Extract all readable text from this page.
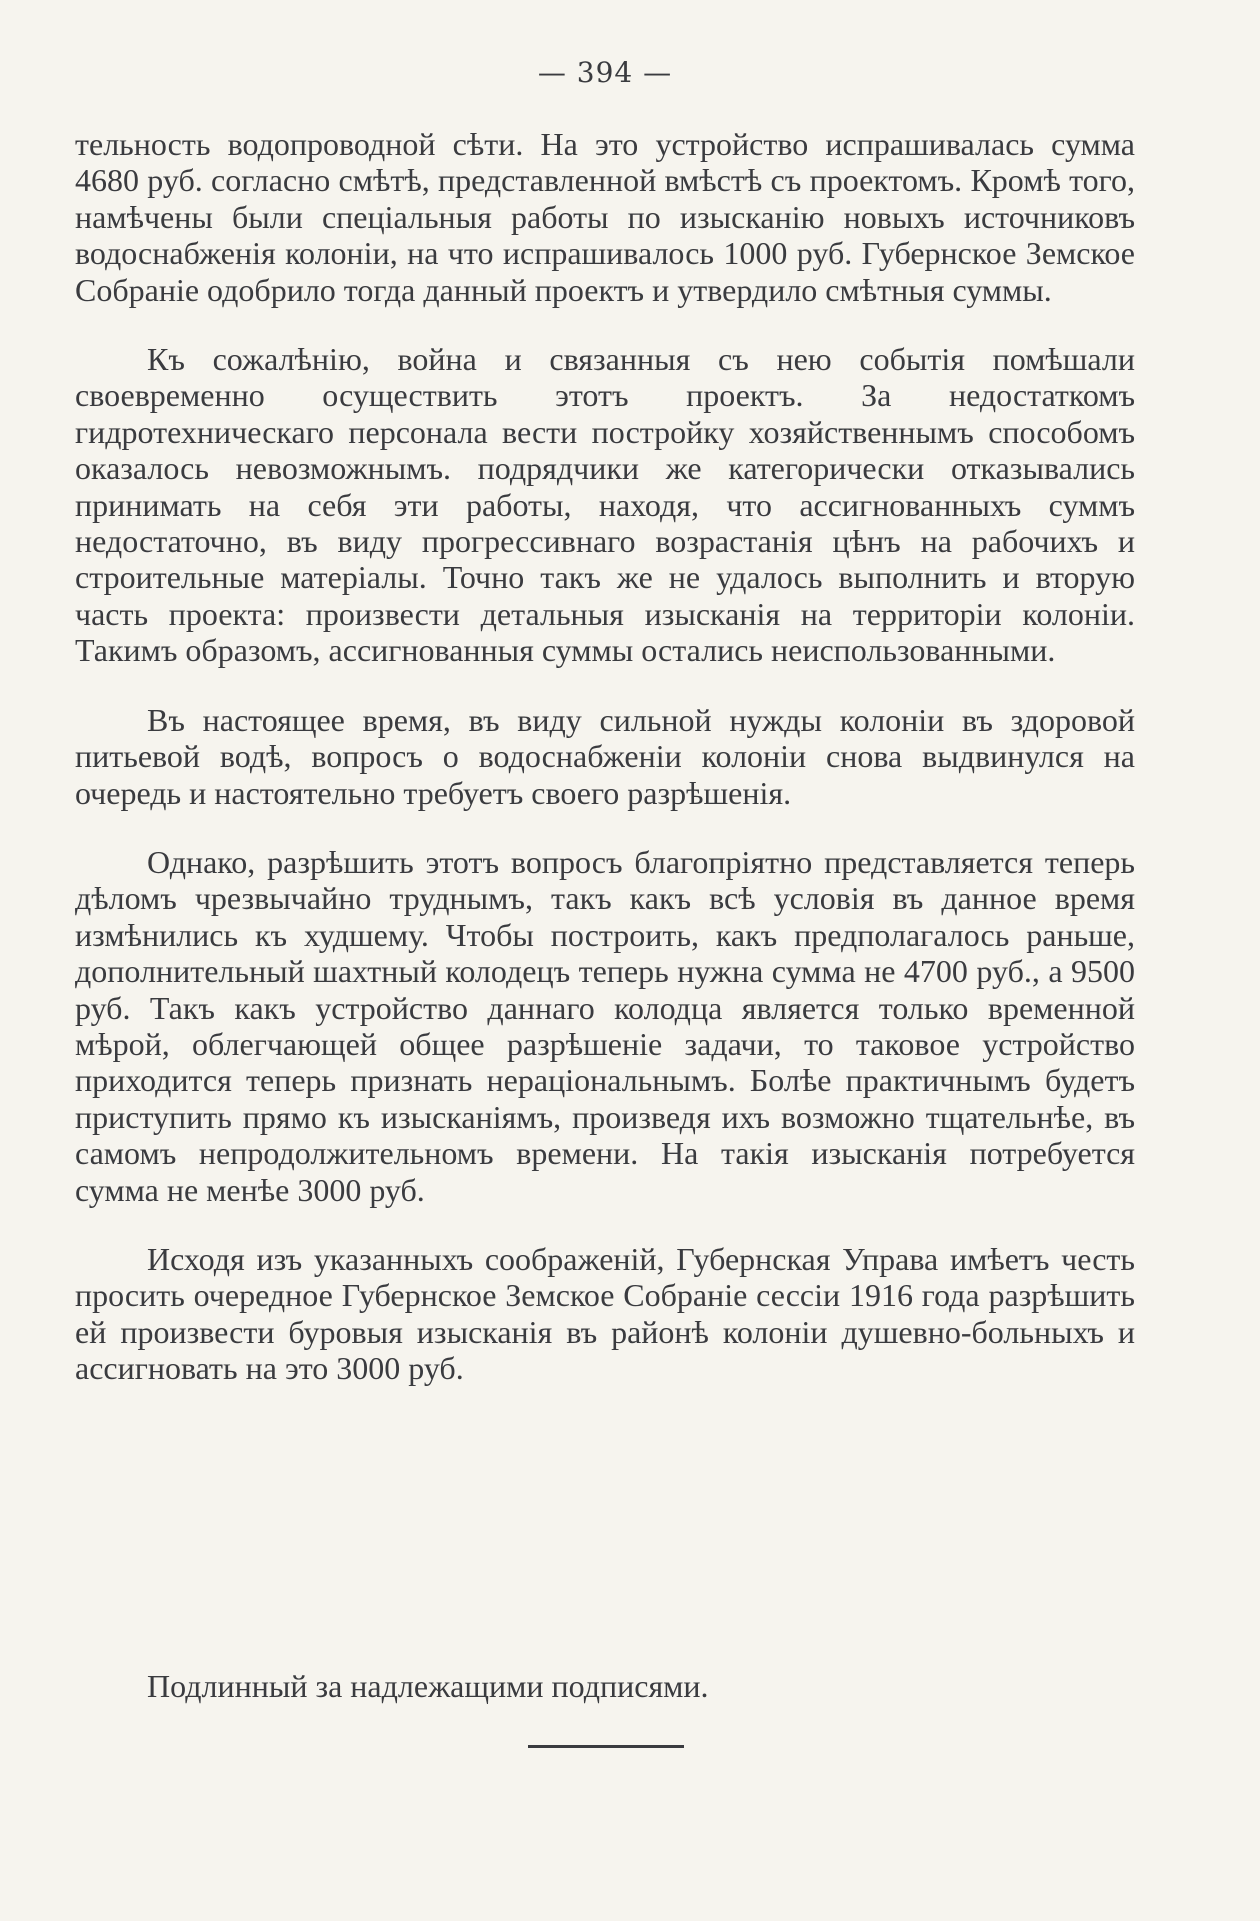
— 394 —

тельность водопроводной сѣти. На это устройство испрашивалась сумма 4680 руб. согласно смѣтѣ, представленной вмѣстѣ съ проектомъ. Кромѣ того, намѣчены были спеціальныя работы по изысканію новыхъ источниковъ водоснабженія колоніи, на что испрашивалось 1000 руб. Губернское Земское Собраніе одобрило тогда данный проектъ и утвердило смѣтныя суммы.

Къ сожалѣнію, война и связанныя съ нею событія помѣшали своевременно осуществить этотъ проектъ. За недостаткомъ гидротехническаго персонала вести постройку хозяйственнымъ способомъ оказалось невозможнымъ. подрядчики же категорически отказывались принимать на себя эти работы, находя, что ассигнованныхъ суммъ недостаточно, въ виду прогрессивнаго возрастанія цѣнъ на рабочихъ и строительные матеріалы. Точно такъ же не удалось выполнить и вторую часть проекта: произвести детальныя изысканія на территоріи колоніи. Такимъ образомъ, ассигнованныя суммы остались неиспользованными.

Въ настоящее время, въ виду сильной нужды колоніи въ здоровой питьевой водѣ, вопросъ о водоснабженіи колоніи снова выдвинулся на очередь и настоятельно требуетъ своего разрѣшенія.

Однако, разрѣшить этотъ вопросъ благопріятно представляется теперь дѣломъ чрезвычайно труднымъ, такъ какъ всѣ условія въ данное время измѣнились къ худшему. Чтобы построить, какъ предполагалось раньше, дополнительный шахтный колодецъ теперь нужна сумма не 4700 руб., а 9500 руб. Такъ какъ устройство даннаго колодца является только временной мѣрой, облегчающей общее разрѣшеніе задачи, то таковое устройство приходится теперь признать нераціональнымъ. Болѣе практичнымъ будетъ приступить прямо къ изысканіямъ, произведя ихъ возможно тщательнѣе, въ самомъ непродолжительномъ времени. На такія изысканія потребуется сумма не менѣе 3000 руб.

Исходя изъ указанныхъ соображеній, Губернская Управа имѣетъ честь просить очередное Губернское Земское Собраніе сессіи 1916 года разрѣшить ей произвести буровыя изысканія въ районѣ колоніи душевно-больныхъ и ассигновать на это 3000 руб.

Подлинный за надлежащими подписями.
